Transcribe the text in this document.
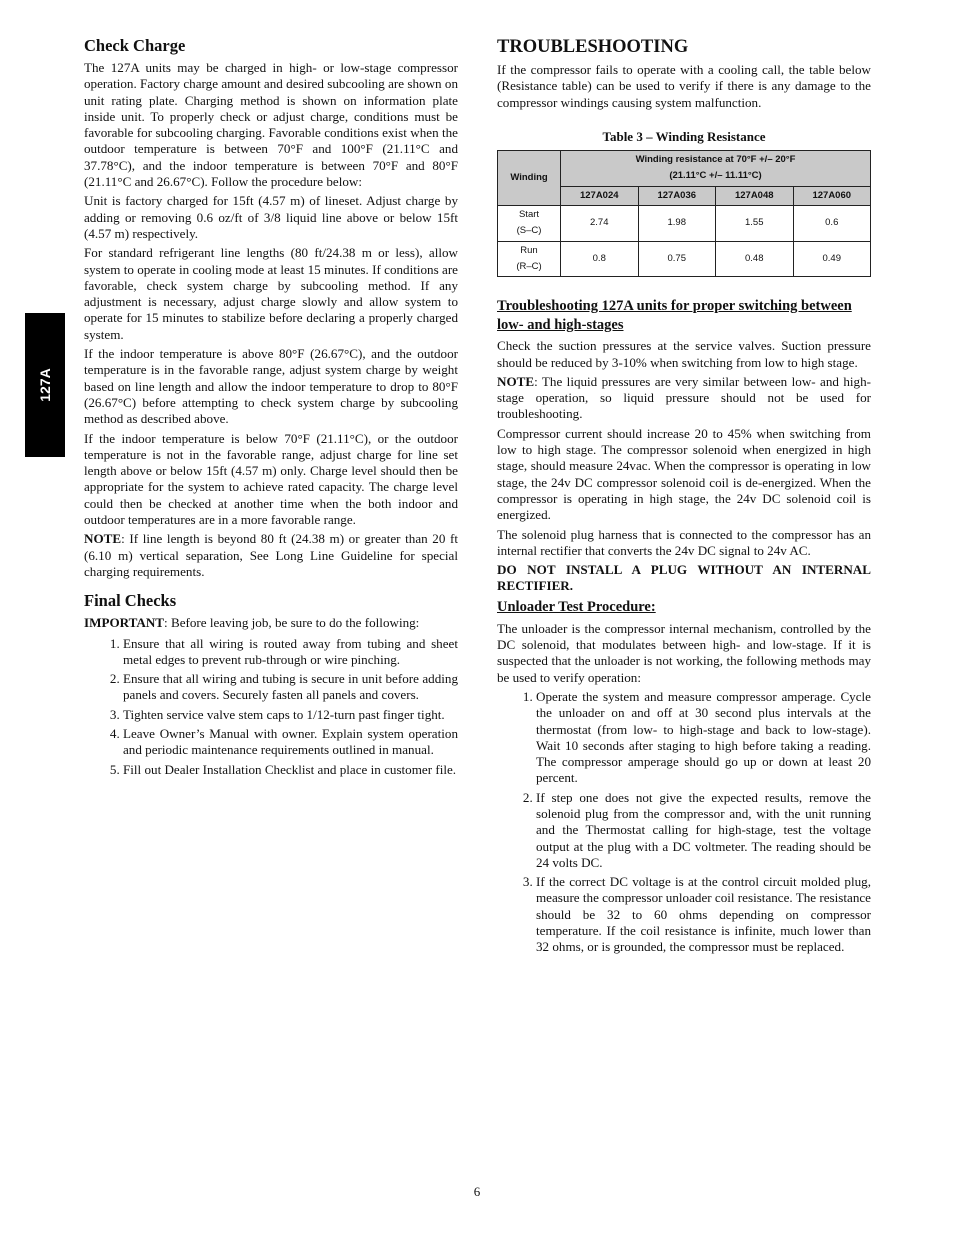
127A
Check Charge

The 127A units may be charged in high- or low-stage compressor operation. Factory charge amount and desired subcooling are shown on unit rating plate. Charging method is shown on information plate inside unit. To properly check or adjust charge, conditions must be favorable for subcooling charging. Favorable conditions exist when the outdoor temperature is between 70°F and 100°F (21.11°C and 37.78°C), and the indoor temperature is between 70°F and 80°F (21.11°C and 26.67°C). Follow the procedure below:

Unit is factory charged for 15ft (4.57 m) of lineset. Adjust charge by adding or removing 0.6 oz/ft of 3/8 liquid line above or below 15ft (4.57 m) respectively.

For standard refrigerant line lengths (80 ft/24.38 m or less), allow system to operate in cooling mode at least 15 minutes. If conditions are favorable, check system charge by subcooling method. If any adjustment is necessary, adjust charge slowly and allow system to operate for 15 minutes to stabilize before declaring a properly charged system.

If the indoor temperature is above 80°F (26.67°C), and the outdoor temperature is in the favorable range, adjust system charge by weight based on line length and allow the indoor temperature to drop to 80°F (26.67°C) before attempting to check system charge by subcooling method as described above.

If the indoor temperature is below 70°F (21.11°C), or the outdoor temperature is not in the favorable range, adjust charge for line set length above or below 15ft (4.57 m) only. Charge level should then be appropriate for the system to achieve rated capacity. The charge level could then be checked at another time when the both indoor and outdoor temperatures are in a more favorable range.

NOTE: If line length is beyond 80 ft (24.38 m) or greater than 20 ft (6.10 m) vertical separation, See Long Line Guideline for special charging requirements.

Final Checks

IMPORTANT: Before leaving job, be sure to do the following:

1. Ensure that all wiring is routed away from tubing and sheet metal edges to prevent rub-through or wire pinching.
2. Ensure that all wiring and tubing is secure in unit before adding panels and covers. Securely fasten all panels and covers.
3. Tighten service valve stem caps to 1/12-turn past finger tight.
4. Leave Owner’s Manual with owner. Explain system operation and periodic maintenance requirements outlined in manual.
5. Fill out Dealer Installation Checklist and place in customer file.
TROUBLESHOOTING

If the compressor fails to operate with a cooling call, the table below (Resistance table) can be used to verify if there is any damage to the compressor windings causing system malfunction.

Table 3 – Winding Resistance
Winding	Winding resistance at 70°F +/– 20°F
(21.11°C +/– 11.11°C)			

	127A024	127A036	127A048	127A060

Start
(S–C)	2.74	1.98	1.55	0.6

Run
(R–C)	0.8	0.75	0.48	0.49
Troubleshooting 127A units for proper switching between low- and high-stages

Check the suction pressures at the service valves. Suction pressure should be reduced by 3-10% when switching from low to high stage.

NOTE: The liquid pressures are very similar between low- and high- stage operation, so liquid pressure should not be used for troubleshooting.

Compressor current should increase 20 to 45% when switching from low to high stage. The compressor solenoid when energized in high stage, should measure 24vac. When the compressor is operating in low stage, the 24v DC compressor solenoid coil is de-energized. When the compressor is operating in high stage, the 24v DC solenoid coil is energized.

The solenoid plug harness that is connected to the compressor has an internal rectifier that converts the 24v DC signal to 24v AC.

DO NOT INSTALL A PLUG WITHOUT AN INTERNAL RECTIFIER.

Unloader Test Procedure:

The unloader is the compressor internal mechanism, controlled by the DC solenoid, that modulates between high- and low-stage. If it is suspected that the unloader is not working, the following methods may be used to verify operation:

1. Operate the system and measure compressor amperage. Cycle the unloader on and off at 30 second plus intervals at the thermostat (from low- to high-stage and back to low-stage). Wait 10 seconds after staging to high before taking a reading. The compressor amperage should go up or down at least 20 percent.
2. If step one does not give the expected results, remove the solenoid plug from the compressor and, with the unit running and the Thermostat calling for high-stage, test the voltage output at the plug with a DC voltmeter. The reading should be 24 volts DC.
3. If the correct DC voltage is at the control circuit molded plug, measure the compressor unloader coil resistance. The resistance should be 32 to 60 ohms depending on compressor temperature. If the coil resistance is infinite, much lower than 32 ohms, or is grounded, the compressor must be replaced.
6
